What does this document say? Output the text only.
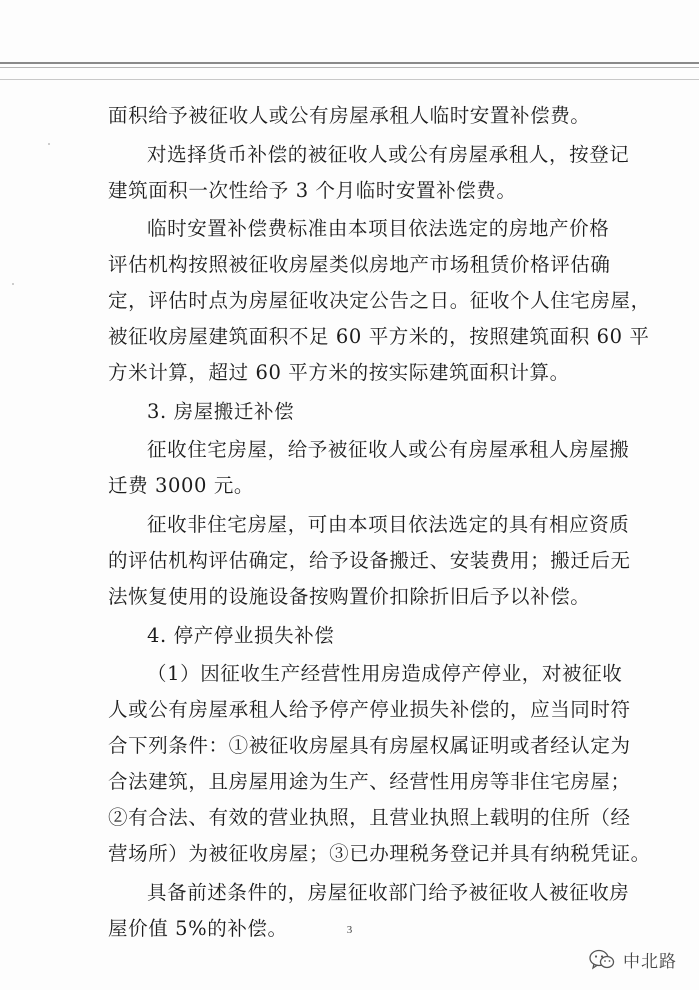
面积给予被征收人或公有房屋承租人临时安置补偿费。
对选择货币补偿的被征收人或公有房屋承租人，按登记
建筑面积一次性给予 3 个月临时安置补偿费。
临时安置补偿费标准由本项目依法选定的房地产价格
评估机构按照被征收房屋类似房地产市场租赁价格评估确
定，评估时点为房屋征收决定公告之日。征收个人住宅房屋，
被征收房屋建筑面积不足 60 平方米的，按照建筑面积 60 平
方米计算，超过 60 平方米的按实际建筑面积计算。
3. 房屋搬迁补偿
征收住宅房屋，给予被征收人或公有房屋承租人房屋搬
迁费 3000 元。
征收非住宅房屋，可由本项目依法选定的具有相应资质
的评估机构评估确定，给予设备搬迁、安装费用；搬迁后无
法恢复使用的设施设备按购置价扣除折旧后予以补偿。
4. 停产停业损失补偿
（1）因征收生产经营性用房造成停产停业，对被征收
人或公有房屋承租人给予停产停业损失补偿的，应当同时符
合下列条件：①被征收房屋具有房屋权属证明或者经认定为
合法建筑，且房屋用途为生产、经营性用房等非住宅房屋；
②有合法、有效的营业执照，且营业执照上载明的住所（经
营场所）为被征收房屋；③已办理税务登记并具有纳税凭证。
具备前述条件的，房屋征收部门给予被征收人被征收房
屋价值 5%的补偿。	3
中北路
